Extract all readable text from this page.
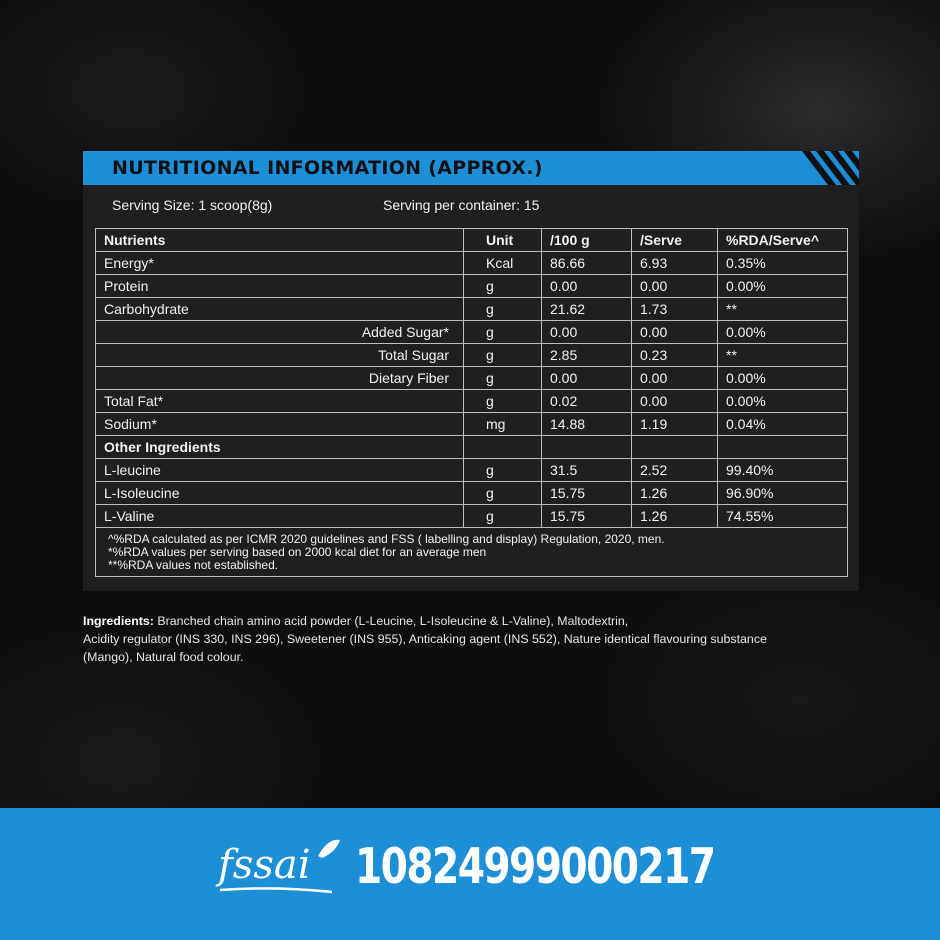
NUTRITIONAL INFORMATION (APPROX.)
Serving Size: 1 scoop(8g)	Serving per container: 15
Nutrients	Unit	/100 g	/Serve	%RDA/Serve^
Energy*	Kcal	86.66	6.93	0.35%
Protein	g	0.00	0.00	0.00%
Carbohydrate	g	21.62	1.73	**
Added Sugar*	g	0.00	0.00	0.00%
Total Sugar	g	2.85	0.23	**
Dietary Fiber	g	0.00	0.00	0.00%
Total Fat*	g	0.02	0.00	0.00%
Sodium*	mg	14.88	1.19	0.04%
Other Ingredients				
L-leucine	g	31.5	2.52	99.40%
L-Isoleucine	g	15.75	1.26	96.90%
L-Valine	g	15.75	1.26	74.55%

^%RDA calculated as per ICMR 2020 guidelines and FSS ( labelling and display) Regulation, 2020, men.
*%RDA values per serving based on 2000 kcal diet for an average men
**%RDA values not established.				
Ingredients: Branched chain amino acid powder (L-Leucine, L-Isoleucine & L-Valine), Maltodextrin,
Acidity regulator (INS 330, INS 296), Sweetener (INS 955), Anticaking agent (INS 552), Nature identical flavouring substance
(Mango), Natural food colour.
fssai 10824999000217
